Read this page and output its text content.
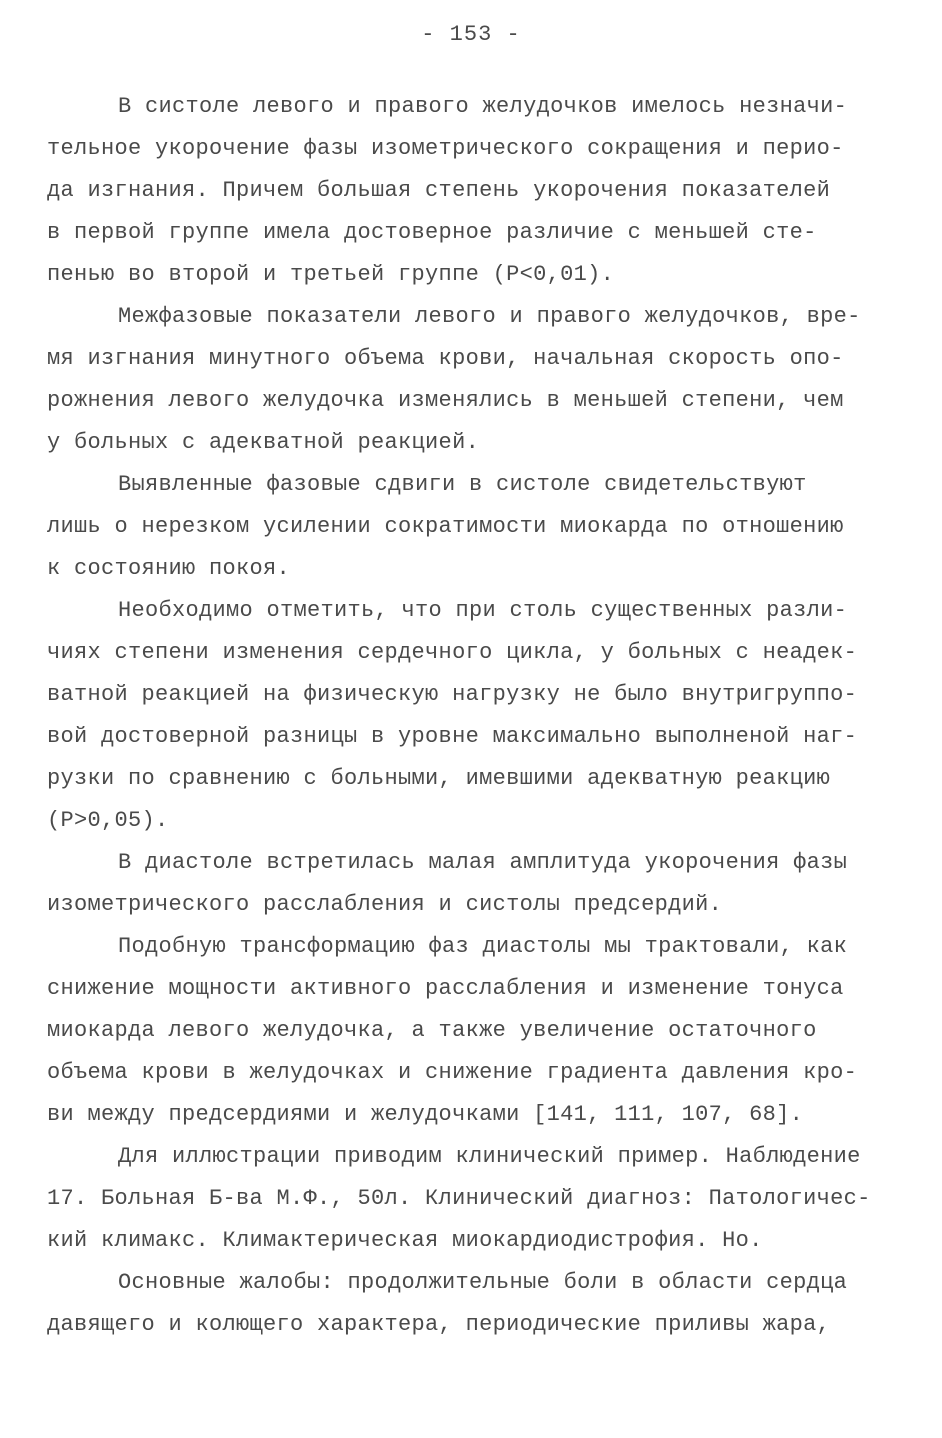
- 153 -
В систоле левого и правого желудочков имелось незначи-
тельное укорочение фазы изометрического сокращения и перио-
да изгнания. Причем большая степень укорочения показателей
в первой группе имела достоверное различие с меньшей сте-
пенью во второй и третьей группе (Р<0,01).
Межфазовые показатели левого и правого желудочков, вре-
мя изгнания минутного объема крови, начальная скорость опо-
рожнения левого желудочка изменялись в меньшей степени, чем
у больных с адекватной реакцией.
Выявленные фазовые сдвиги в систоле свидетельствуют
лишь о нерезком усилении сократимости миокарда по отношению
к состоянию покоя.
Необходимо отметить, что при столь существенных разли-
чиях степени изменения сердечного цикла, у больных с неадек-
ватной реакцией на физическую нагрузку не было внутригруппо-
вой достоверной разницы в уровне максимально выполненой наг-
рузки по сравнению с больными, имевшими адекватную реакцию
(Р>0,05).
В диастоле встретилась малая амплитуда укорочения фазы
изометрического расслабления и систолы предсердий.
Подобную трансформацию фаз диастолы мы трактовали, как
снижение мощности активного расслабления и изменение тонуса
миокарда левого желудочка, а также увеличение остаточного
объема крови в желудочках и снижение градиента давления кро-
ви между предсердиями и желудочками [141, 111, 107, 68].
Для иллюстрации приводим клинический пример. Наблюдение
17. Больная Б-ва М.Ф., 50л. Клинический диагноз: Патологичес-
кий климакс. Климактерическая миокардиодистрофия. Но.
Основные жалобы: продолжительные боли в области сердца
давящего и колющего характера, периодические приливы жара,
